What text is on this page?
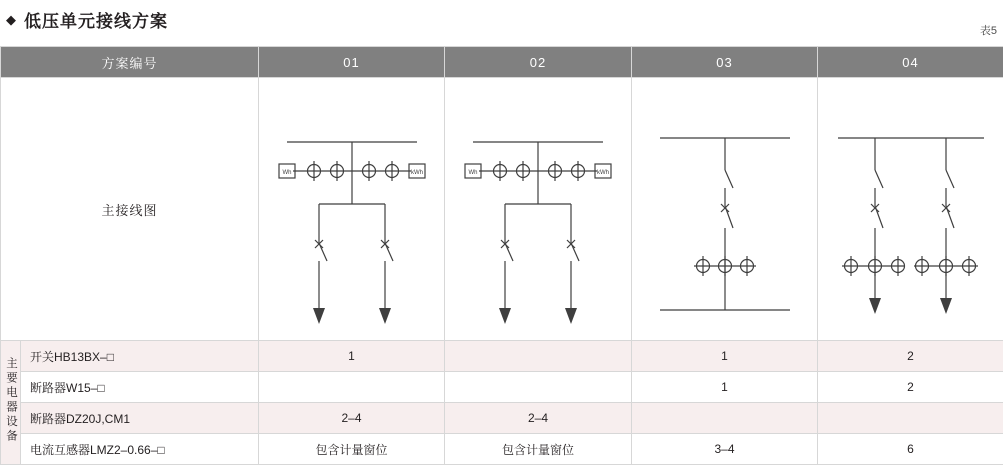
◆ 低压单元接线方案	表5
方案编号		01	02	03	04
主接线图		Wh kWh	Wh kWh

主要电器设备	开关HB13BX–□	1		1	2
	断路器W15–□			1	2
	断路器DZ20J,CM1	2–4	2–4		
	电流互感器LMZ2–0.66–□	包含计量窗位	包含计量窗位	3–4	6
